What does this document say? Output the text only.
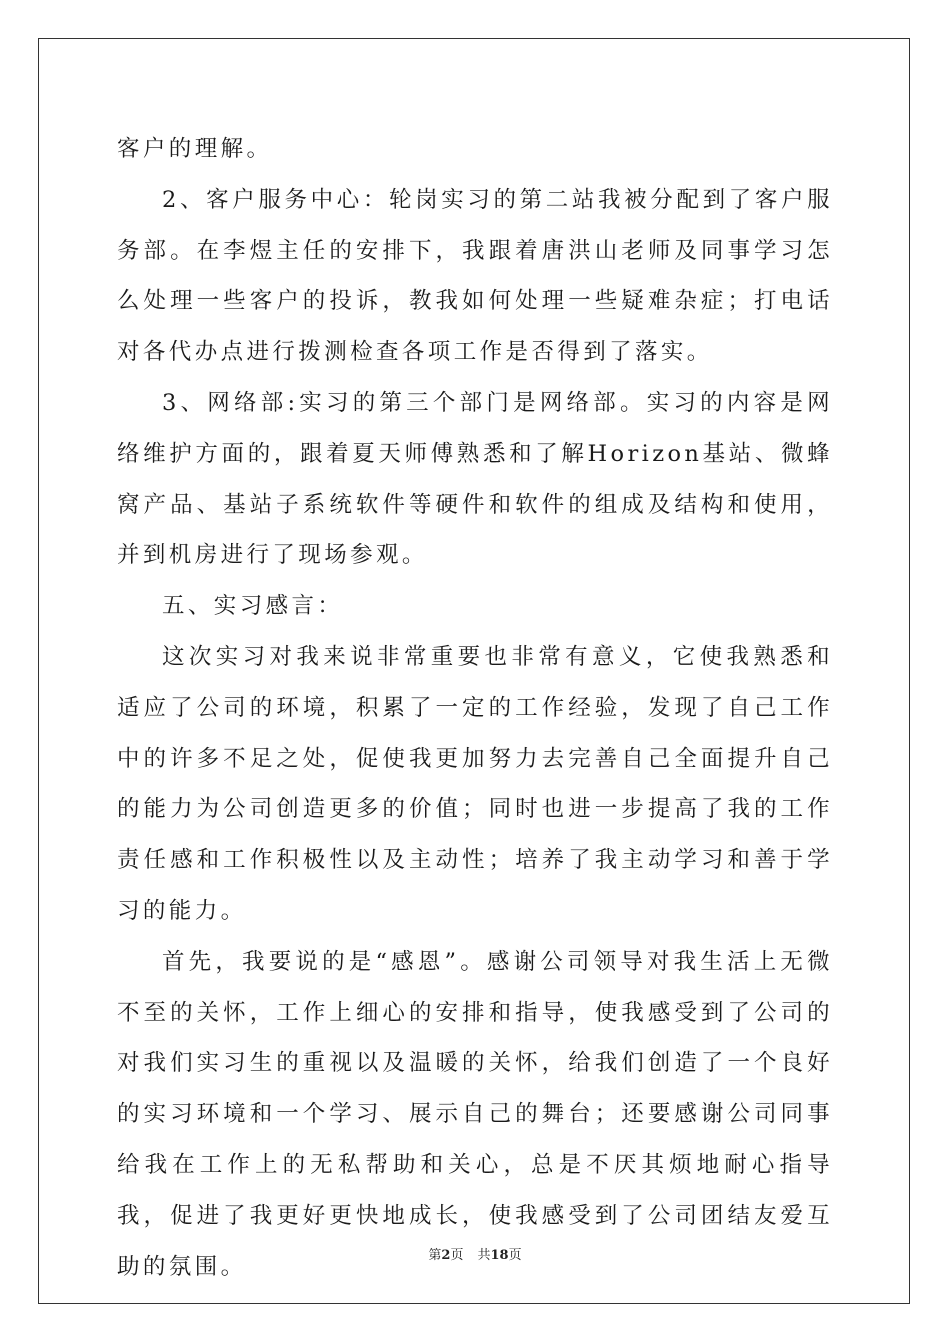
客户的理解。

2、客户服务中心：轮岗实习的第二站我被分配到了客户服务部。在李煜主任的安排下，我跟着唐洪山老师及同事学习怎么处理一些客户的投诉，教我如何处理一些疑难杂症；打电话对各代办点进行拨测检查各项工作是否得到了落实。

3、网络部:实习的第三个部门是网络部。实习的内容是网络维护方面的，跟着夏天师傅熟悉和了解Horizon基站、微蜂窝产品、基站子系统软件等硬件和软件的组成及结构和使用，并到机房进行了现场参观。

五、实习感言：

这次实习对我来说非常重要也非常有意义，它使我熟悉和适应了公司的环境，积累了一定的工作经验，发现了自己工作中的许多不足之处，促使我更加努力去完善自己全面提升自己的能力为公司创造更多的价值；同时也进一步提高了我的工作责任感和工作积极性以及主动性；培养了我主动学习和善于学习的能力。

首先，我要说的是“感恩”。感谢公司领导对我生活上无微不至的关怀，工作上细心的安排和指导，使我感受到了公司的对我们实习生的重视以及温暖的关怀，给我们创造了一个良好的实习环境和一个学习、展示自己的舞台；还要感谢公司同事给我在工作上的无私帮助和关心，总是不厌其烦地耐心指导我，促进了我更好更快地成长，使我感受到了公司团结友爱互助的氛围。	第2页 共18页
